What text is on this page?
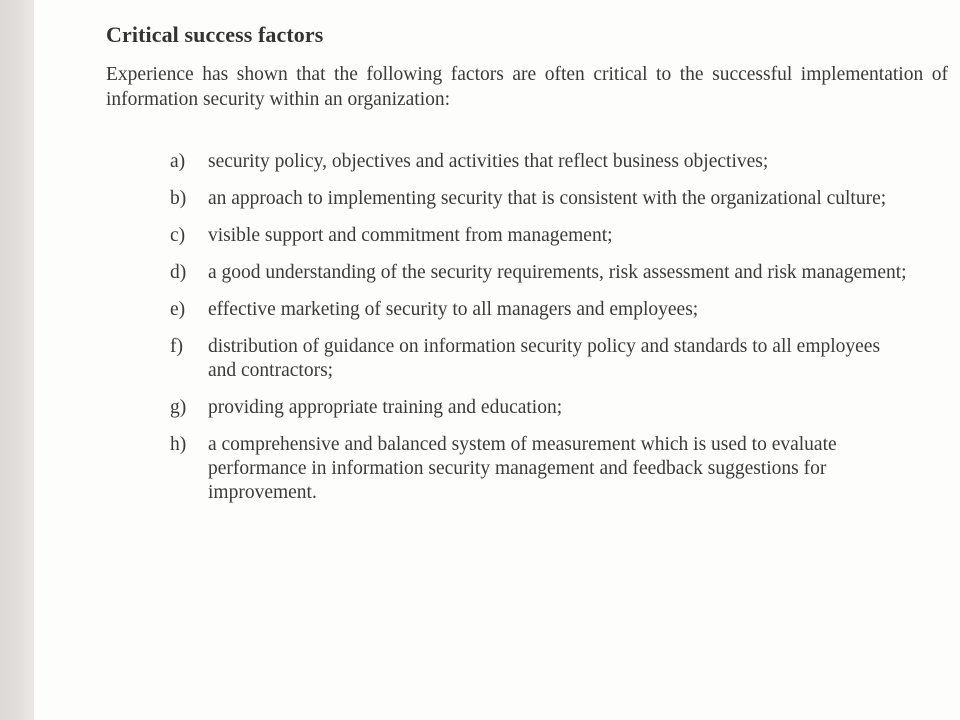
Critical success factors

Experience has shown that the following factors are often critical to the successful implementation of information security within an organization:

a)	security policy, objectives and activities that reflect business objectives;
b)	an approach to implementing security that is consistent with the organizational culture;
c)	visible support and commitment from management;
d)	a good understanding of the security requirements, risk assessment and risk management;
e)	effective marketing of security to all managers and employees;
f)	distribution of guidance on information security policy and standards to all employees and contractors;
g)	providing appropriate training and education;
h)	a comprehensive and balanced system of measurement which is used to evaluate performance in information security management and feedback suggestions for improvement.
